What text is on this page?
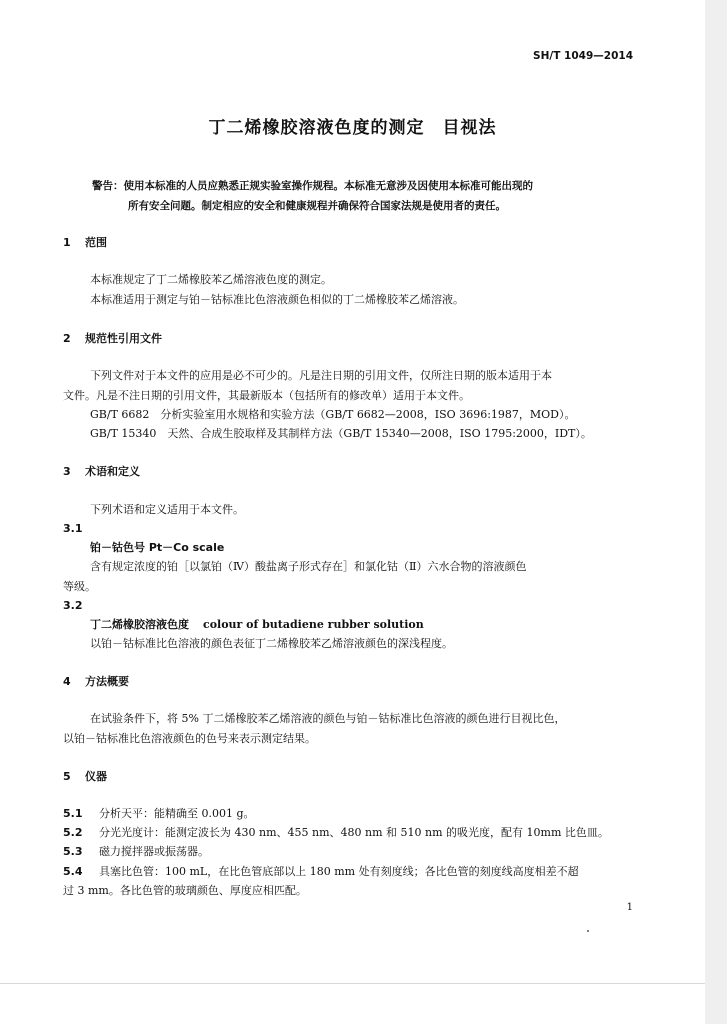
SH/T 1049—2014
丁二烯橡胶溶液色度的测定　目视法
警告：使用本标准的人员应熟悉正规实验室操作规程。本标准无意涉及因使用本标准可能出现的
所有安全问题。制定相应的安全和健康规程并确保符合国家法规是使用者的责任。
1 范围
本标准规定了丁二烯橡胶苯乙烯溶液色度的测定。
本标准适用于测定与铂－钴标准比色溶液颜色相似的丁二烯橡胶苯乙烯溶液。
2 规范性引用文件
下列文件对于本文件的应用是必不可少的。凡是注日期的引用文件，仅所注日期的版本适用于本
文件。凡是不注日期的引用文件，其最新版本（包括所有的修改单）适用于本文件。
GB/T 6682　分析实验室用水规格和实验方法（GB/T 6682—2008，ISO 3696:1987，MOD）。
GB/T 15340　天然、合成生胶取样及其制样方法（GB/T 15340—2008，ISO 1795:2000，IDT）。
3 术语和定义
下列术语和定义适用于本文件。
3.1
铂－钴色号 Pt－Co scale
含有规定浓度的铂［以氯铂（Ⅳ）酸盐离子形式存在］和氯化钴（Ⅱ）六水合物的溶液颜色
等级。
3.2
丁二烯橡胶溶液色度 colour of butadiene rubber solution
以铂－钴标准比色溶液的颜色表征丁二烯橡胶苯乙烯溶液颜色的深浅程度。
4 方法概要
在试验条件下，将 5% 丁二烯橡胶苯乙烯溶液的颜色与铂－钴标准比色溶液的颜色进行目视比色，
以铂－钴标准比色溶液颜色的色号来表示测定结果。
5 仪器
5.1 分析天平：能精确至 0.001 g。
5.2 分光光度计：能测定波长为 430 nm、455 nm、480 nm 和 510 nm 的吸光度，配有 10mm 比色皿。
5.3 磁力搅拌器或振荡器。
5.4 具塞比色管：100 mL，在比色管底部以上 180 mm 处有刻度线；各比色管的刻度线高度相差不超
过 3 mm。各比色管的玻璃颜色、厚度应相匹配。
1
